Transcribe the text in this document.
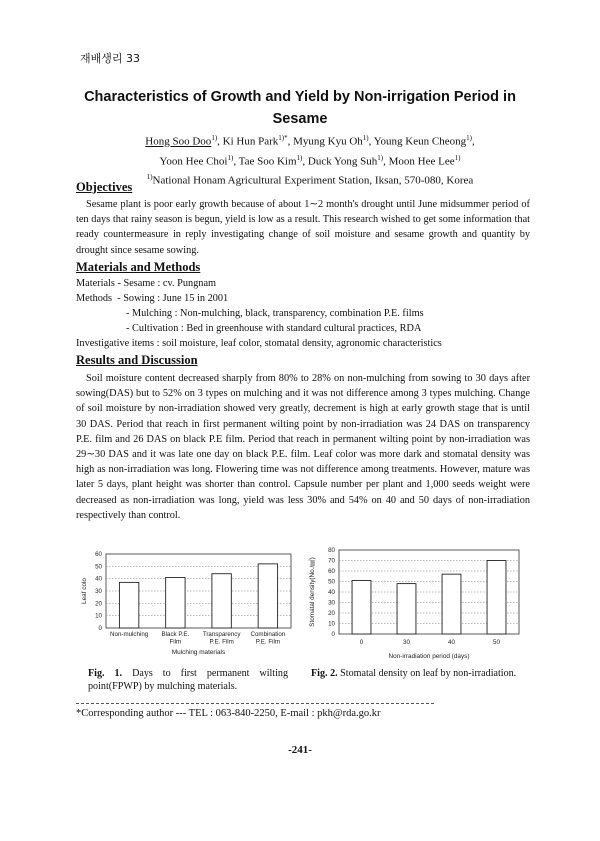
재배생리 33
Characteristics of Growth and Yield by Non-irrigation Period in
Sesame
Hong Soo Doo$^{1)}$, Ki Hun Park$^{1)*}$, Myung Kyu Oh$^{1)}$, Young Keun Cheong$^{1)}$,
Yoon Hee Choi$^{1)}$, Tae Soo Kim$^{1)}$, Duck Yong Suh$^{1)}$, Moon Hee Lee$^{1)}$
$^{1)}$National Honam Agricultural Experiment Station, Iksan, 570-080, Korea
Objectives

Sesame plant is poor early growth because of about 1∼2 month's drought until June midsummer period of ten days that rainy season is begun, yield is low as a result. This research wished to get some information that ready countermeasure in reply investigating change of soil moisture and sesame growth and quantity by drought since sesame sowing.

Materials and Methods
Materials - Sesame : cv. Pungnam
Methods  - Sowing : June 15 in 2001
- Mulching : Non-mulching, black, transparency, combination P.E. films
- Cultivation : Bed in greenhouse with standard cultural practices, RDA
Investigative items : soil moisture, leaf color, stomatal density, agronomic characteristics
Results and Discussion

Soil moisture content decreased sharply from 80% to 28% on non-mulching from sowing to 30 days after sowing(DAS) but to 52% on 3 types on mulching and it was not difference among 3 types mulching. Change of soil moisture by non-irradiation showed very greatly, decrement is high at early growth stage that is until 30 DAS. Period that reach in first permanent wilting point by non-irradiation was 24 DAS on transparency P.E. film and 26 DAS on black P.E film. Period that reach in permanent wilting point by non-irradiation was 29∼30 DAS and it was late one day on black P.E. film. Leaf color was more dark and stomatal density was high as non-irradiation was long. Flowering time was not difference among treatments. However, mature was later 5 days, plant height was shorter than control. Capsule number per plant and 1,000 seeds weight were decreased as non-irradiation was long, yield was less 30% and 54% on 40 and 50 days of non-irradiation respectively than control.

0
10
20
30
40
50
60
Non-mulching Black P.E.
Film
Transparency
P.E. Film
Combination
P.E. Film
Mulching materials
Leaf colo
0
10
20
30
40
50
60
70
80
0	30	40	50
Non-irradiation period (days)
Stomatal density(No./㎟)
Fig. 1. Days to first permanent wilting point(FPWP) by mulching materials.
Fig. 2. Stomatal density on leaf by non-irradiation.
*Corresponding author --- TEL : 063-840-2250, E-mail : pkh@rda.go.kr
-241-
